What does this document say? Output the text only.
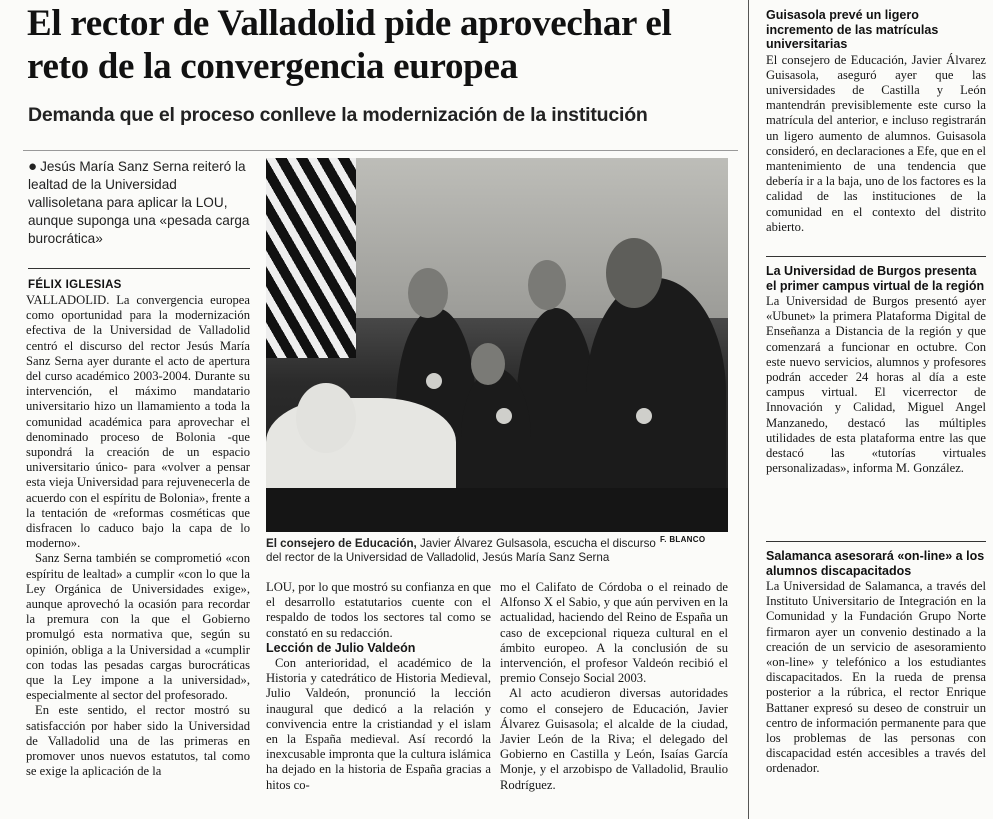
El rector de Valladolid pide aprovechar el reto de la convergencia europea
Demanda que el proceso conlleve la modernización de la institución
● Jesús María Sanz Serna reiteró la lealtad de la Universidad vallisoletana para aplicar la LOU, aunque suponga una «pesada carga burocrática»
FÉLIX IGLESIAS

VALLADOLID. La convergencia europea como oportunidad para la modernización efectiva de la Universidad de Valladolid centró el discurso del rector Jesús María Sanz Serna ayer durante el acto de apertura del curso académico 2003-2004. Durante su intervención, el máximo mandatario universitario hizo un llamamiento a toda la comunidad académica para aprovechar el denominado proceso de Bolonia -que supondrá la creación de un espacio universitario único- para «volver a pensar esta vieja Universidad para rejuvenecerla de acuerdo con el espíritu de Bolonia», frente a la tentación de «reformas cosméticas que disfracen lo caduco bajo la capa de lo moderno».

Sanz Serna también se comprometió «con espíritu de lealtad» a cumplir «con lo que la Ley Orgánica de Universidades exige», aunque aprovechó la ocasión para recordar la premura con la que el Gobierno promulgó esta normativa que, según su opinión, obliga a la Universidad a «cumplir con todas las pesadas cargas burocráticas que la Ley impone a la universidad», especialmente al sector del profesorado.

En este sentido, el rector mostró su satisfacción por haber sido la Universidad de Valladolid una de las primeras en promover unos nuevos estatutos, tal como se exige la aplicación de la

F. BLANCO
El consejero de Educación, Javier Álvarez Gulsasola, escucha el discurso del rector de la Universidad de Valladolid, Jesús María Sanz Serna

LOU, por lo que mostró su confianza en que el desarrollo estatutarios cuente con el respaldo de todos los sectores tal como se constató en su redacción.

Lección de Julio Valdeón

Con anterioridad, el académico de la Historia y catedrático de Historia Medieval, Julio Valdeón, pronunció la lección inaugural que dedicó a la relación y convivencia entre la cristiandad y el islam en la España medieval. Así recordó la inexcusable impronta que la cultura islámica ha dejado en la historia de España gracias a hitos co-

mo el Califato de Córdoba o el reinado de Alfonso X el Sabio, y que aún perviven en la actualidad, haciendo del Reino de España un caso de excepcional riqueza cultural en el ámbito europeo. A la conclusión de su intervención, el profesor Valdeón recibió el premio Consejo Social 2003.

Al acto acudieron diversas autoridades como el consejero de Educación, Javier Álvarez Guisasola; el alcalde de la ciudad, Javier León de la Riva; el delegado del Gobierno en Castilla y León, Isaías García Monje, y el arzobispo de Valladolid, Braulio Rodríguez.

Guisasola prevé un ligero incremento de las matrículas universitarias
El consejero de Educación, Javier Álvarez Guisasola, aseguró ayer que las universidades de Castilla y León mantendrán previsiblemente este curso la matrícula del anterior, e incluso registrarán un ligero aumento de alumnos. Guisasola consideró, en declaraciones a Efe, que en el mantenimiento de una tendencia que debería ir a la baja, uno de los factores es la calidad de las instituciones de la comunidad en el contexto del distrito abierto.
La Universidad de Burgos presenta el primer campus virtual de la región
La Universidad de Burgos presentó ayer «Ubunet» la primera Plataforma Digital de Enseñanza a Distancia de la región y que comenzará a funcionar en octubre. Con este nuevo servicios, alumnos y profesores podrán acceder 24 horas al día a este campus virtual. El vicerrector de Innovación y Calidad, Miguel Angel Manzanedo, destacó las múltiples utilidades de esta plataforma entre las que destacó las «tutorías virtuales personalizadas», informa M. González.
Salamanca asesorará «on-line» a los alumnos discapacitados
La Universidad de Salamanca, a través del Instituto Universitario de Integración en la Comunidad y la Fundación Grupo Norte firmaron ayer un convenio destinado a la creación de un servicio de asesoramiento «on-line» y telefónico a los estudiantes discapacitados. En la rueda de prensa posterior a la rúbrica, el rector Enrique Battaner expresó su deseo de construir un centro de información permanente para que los problemas de las personas con discapacidad estén accesibles a través del ordenador.
